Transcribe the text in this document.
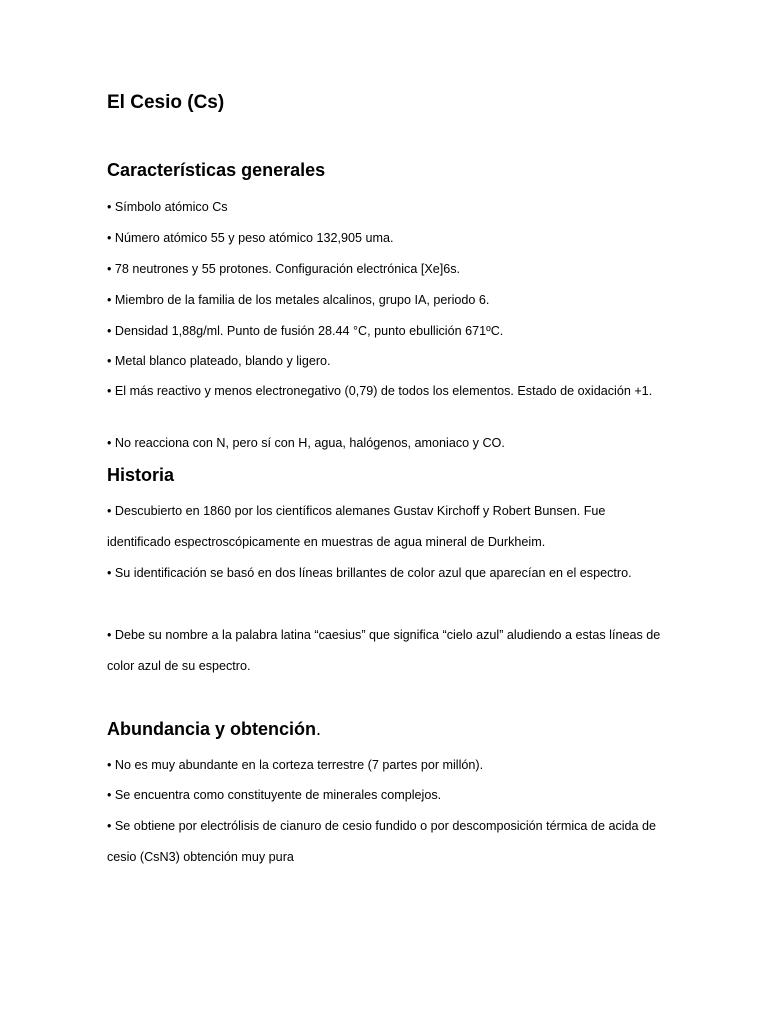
El Cesio (Cs)
Características generales
• Símbolo atómico Cs
• Número atómico 55 y peso atómico 132,905 uma.
• 78 neutrones y 55 protones. Configuración electrónica [Xe]6s.
• Miembro de la familia de los metales alcalinos, grupo IA, periodo 6.
• Densidad 1,88g/ml. Punto de fusión 28.44 °C, punto ebullición 671ºC.
• Metal blanco plateado, blando y ligero.
• El más reactivo y menos electronegativo (0,79) de todos los elementos. Estado de oxidación +1.
• No reacciona con N, pero sí con H, agua, halógenos, amoniaco y CO.
Historia
• Descubierto en 1860 por los científicos alemanes Gustav Kirchoff y Robert Bunsen. Fue identificado espectroscópicamente en muestras de agua mineral de Durkheim.
• Su identificación se basó en dos líneas brillantes de color azul que aparecían en el espectro.
• Debe su nombre a la palabra latina “caesius” que significa “cielo azul” aludiendo a estas líneas de color azul de su espectro.
Abundancia y obtención.
• No es muy abundante en la corteza terrestre (7 partes por millón).
• Se encuentra como constituyente de minerales complejos.
• Se obtiene por electrólisis de cianuro de cesio fundido o por descomposición térmica de acida de cesio (CsN3) obtención muy pura
